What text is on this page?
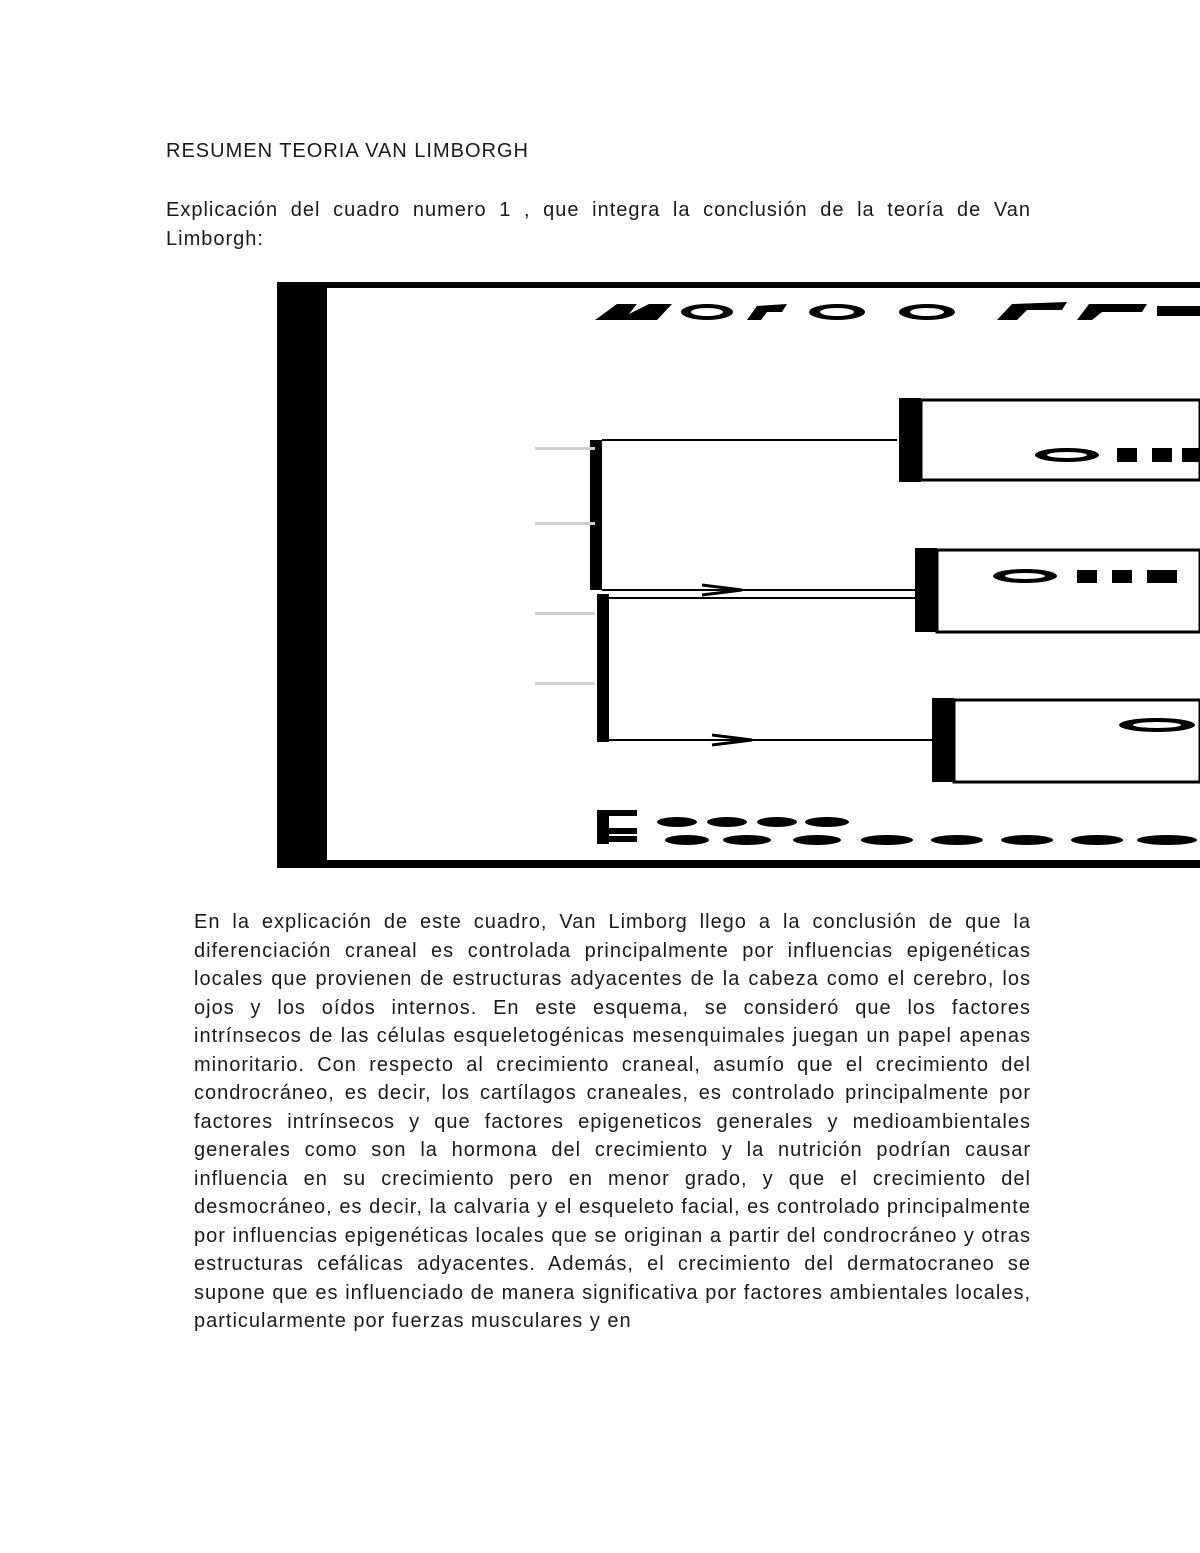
RESUMEN TEORIA VAN LIMBORGH

Explicación del cuadro numero 1 , que integra la conclusión de la teoría de Van Limborgh:

En la explicación de este cuadro, Van Limborg llego a la conclusión de que la diferenciación craneal es controlada principalmente por influencias epigenéticas locales que provienen de estructuras adyacentes de la cabeza como el cerebro, los ojos y los oídos internos. En este esquema, se consideró que los factores intrínsecos de las células esqueletogénicas mesenquimales juegan un papel apenas minoritario. Con respecto al crecimiento craneal, asumío que el crecimiento del condrocráneo, es decir, los cartílagos craneales, es controlado principalmente por factores intrínsecos y que factores epigeneticos generales y medioambientales generales como son la hormona del crecimiento y la nutrición podrían causar influencia en su crecimiento pero en menor grado, y que el crecimiento del desmocráneo, es decir, la calvaria y el esqueleto facial, es controlado principalmente por influencias epigenéticas locales que se originan a partir del condrocráneo y otras estructuras cefálicas adyacentes. Además, el crecimiento del dermatocraneo se supone que es influenciado de manera significativa por factores ambientales locales, particularmente por fuerzas musculares y en
